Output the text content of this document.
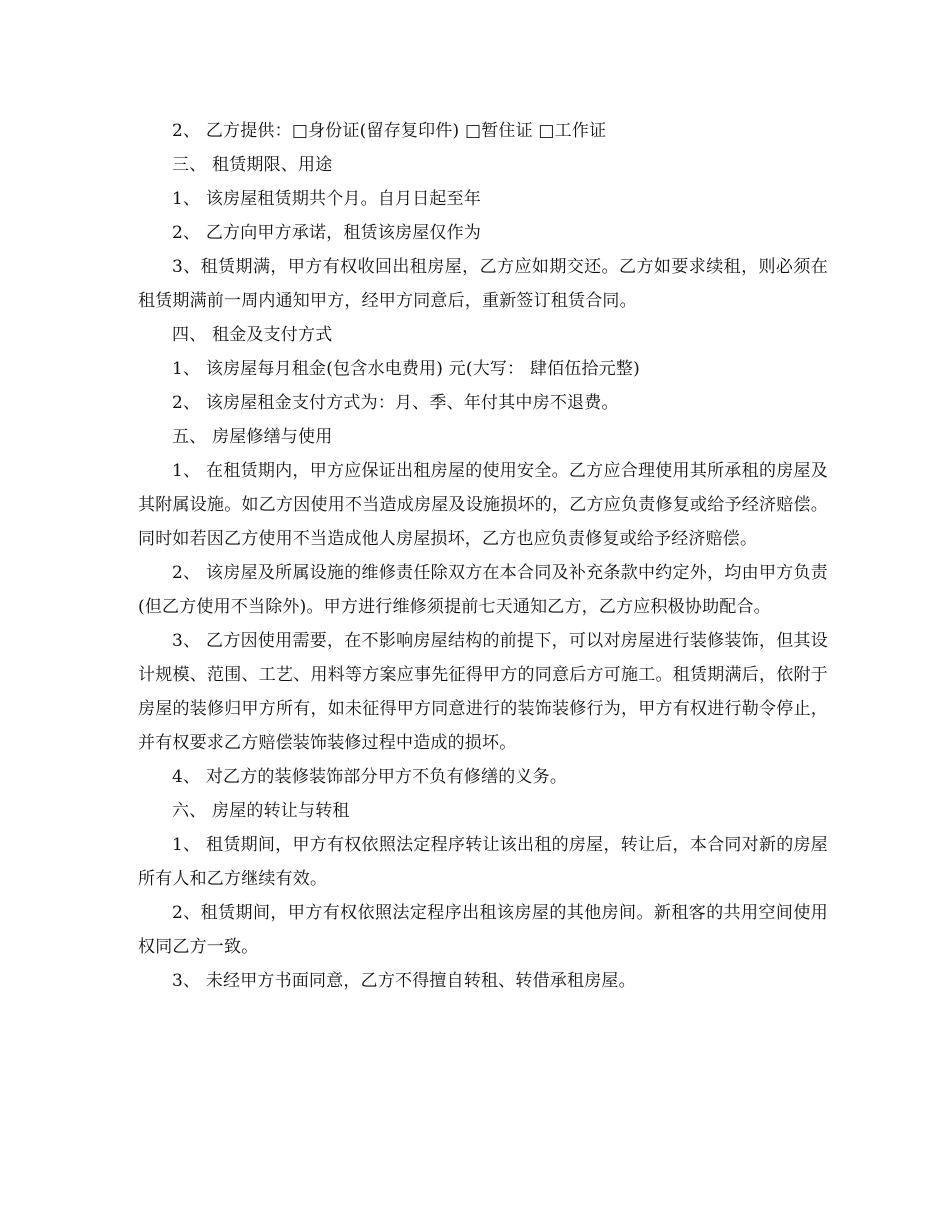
2、 乙方提供：□身份证(留存复印件) □暂住证 □工作证

三、 租赁期限、用途

1、 该房屋租赁期共个月。自月日起至年

2、 乙方向甲方承诺，租赁该房屋仅作为

3、租赁期满，甲方有权收回出租房屋，乙方应如期交还。乙方如要求续租，则必须在租赁期满前一周内通知甲方，经甲方同意后，重新签订租赁合同。

四、 租金及支付方式

1、 该房屋每月租金(包含水电费用) 元(大写： 肆佰伍拾元整)

2、 该房屋租金支付方式为：月、季、年付其中房不退费。

五、 房屋修缮与使用

1、 在租赁期内，甲方应保证出租房屋的使用安全。乙方应合理使用其所承租的房屋及其附属设施。如乙方因使用不当造成房屋及设施损坏的，乙方应负责修复或给予经济赔偿。同时如若因乙方使用不当造成他人房屋损坏，乙方也应负责修复或给予经济赔偿。

2、 该房屋及所属设施的维修责任除双方在本合同及补充条款中约定外，均由甲方负责(但乙方使用不当除外)。甲方进行维修须提前七天通知乙方，乙方应积极协助配合。

3、 乙方因使用需要，在不影响房屋结构的前提下，可以对房屋进行装修装饰，但其设计规模、范围、工艺、用料等方案应事先征得甲方的同意后方可施工。租赁期满后，依附于房屋的装修归甲方所有，如未征得甲方同意进行的装饰装修行为，甲方有权进行勒令停止，并有权要求乙方赔偿装饰装修过程中造成的损坏。

4、 对乙方的装修装饰部分甲方不负有修缮的义务。

六、 房屋的转让与转租

1、 租赁期间，甲方有权依照法定程序转让该出租的房屋，转让后，本合同对新的房屋所有人和乙方继续有效。

2、租赁期间，甲方有权依照法定程序出租该房屋的其他房间。新租客的共用空间使用权同乙方一致。

3、 未经甲方书面同意，乙方不得擅自转租、转借承租房屋。
